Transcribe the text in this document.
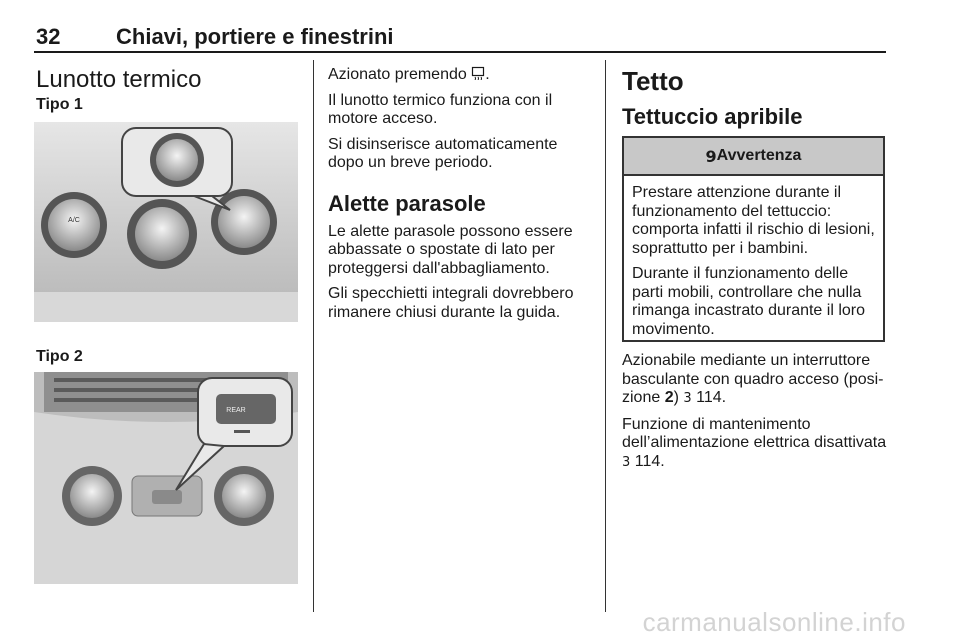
32	Chiavi, portiere e finestrini
Lunotto termico
Tipo 1
A/C
Tipo 2
REAR

Azionato premendo .

Il lunotto termico funziona con il motore acceso.

Si disinserisce automaticamente dopo un breve periodo.

Alette parasole

Le alette parasole possono essere abbassate o spostate di lato per proteggersi dall'abbagliamento.

Gli specchietti integrali dovrebbero rimanere chiusi durante la guida.

Tetto
Tettuccio apribile
9 Avvertenza

Prestare attenzione durante il funzionamento del tettuccio: comporta infatti il rischio di lesioni, soprattutto per i bambini.

Durante il funzionamento delle parti mobili, controllare che nulla rimanga incastrato durante il loro movimento.

Azionabile mediante un interruttore basculante con quadro acceso (posi-zione 2) 3 114.

Funzione di mantenimento dell’alimentazione elettrica disattivata 3 114.

carmanualsonline.info
